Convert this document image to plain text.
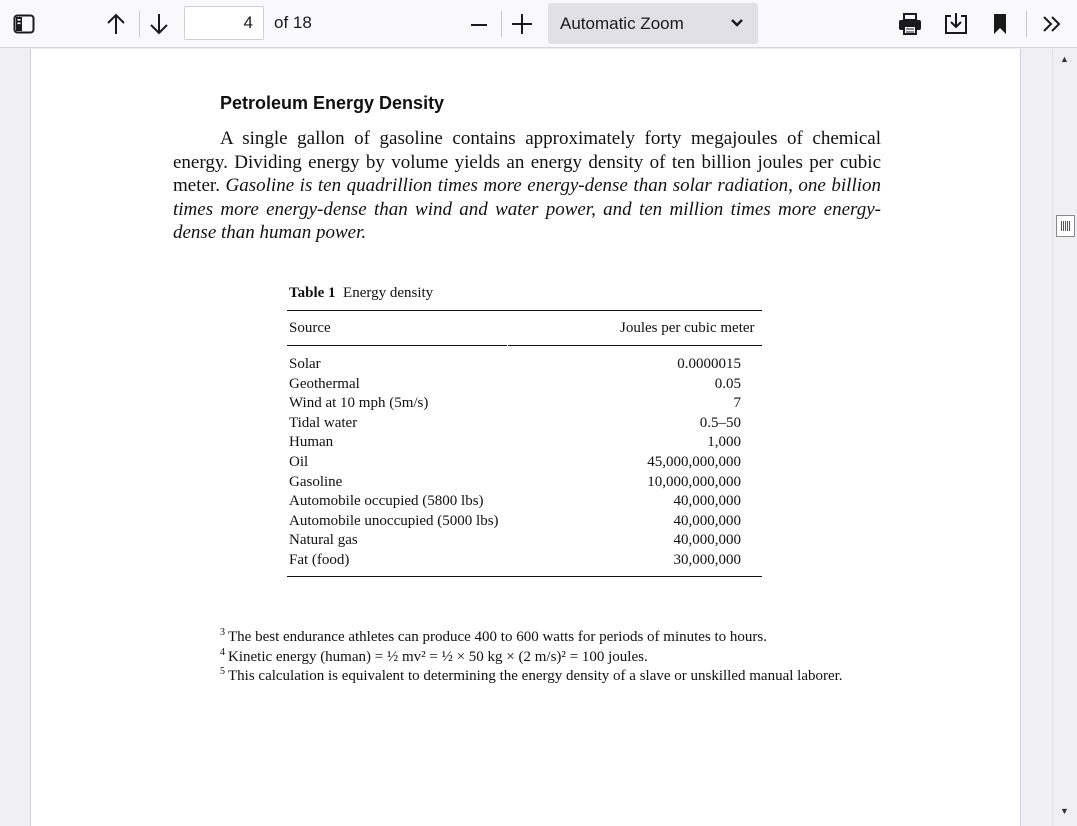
4
of 18	Automatic Zoom
Petroleum Energy Density

A single gallon of gasoline contains approximately forty megajoules of chemical energy. Dividing energy by volume yields an energy density of ten billion joules per cubic meter. Gasoline is ten quadrillion times more energy-dense than solar radiation, one billion times more energy-dense than wind and water power, and ten million times more energy-dense than human power.

Table 1 Energy density
Source	Joules per cubic meter
Solar	0.0000015
Geothermal	0.05
Wind at 10 mph (5m/s)	7
Tidal water	0.5–50
Human	1,000
Oil	45,000,000,000
Gasoline	10,000,000,000
Automobile occupied (5800 lbs)	40,000,000
Automobile unoccupied (5000 lbs)	40,000,000
Natural gas	40,000,000
Fat (food)	30,000,000
$^3$ The best endurance athletes can produce 400 to 600 watts for periods of minutes to hours.
$^4$ Kinetic energy (human) = ½ mv² = ½ × 50 kg × (2 m/s)² = 100 joules.
$^5$ This calculation is equivalent to determining the energy density of a slave or unskilled manual laborer.
▲
▼
